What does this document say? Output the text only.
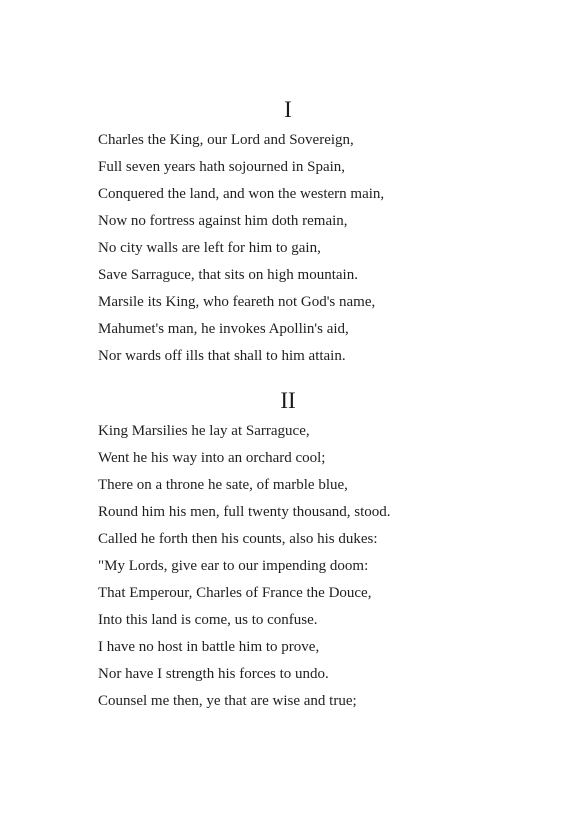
I
Charles the King, our Lord and Sovereign,
Full seven years hath sojourned in Spain,
Conquered the land, and won the western main,
Now no fortress against him doth remain,
No city walls are left for him to gain,
Save Sarraguce, that sits on high mountain.
Marsile its King, who feareth not God's name,
Mahumet's man, he invokes Apollin's aid,
Nor wards off ills that shall to him attain.
II
King Marsilies he lay at Sarraguce,
Went he his way into an orchard cool;
There on a throne he sate, of marble blue,
Round him his men, full twenty thousand, stood.
Called he forth then his counts, also his dukes:
"My Lords, give ear to our impending doom:
That Emperour, Charles of France the Douce,
Into this land is come, us to confuse.
I have no host in battle him to prove,
Nor have I strength his forces to undo.
Counsel me then, ye that are wise and true;
